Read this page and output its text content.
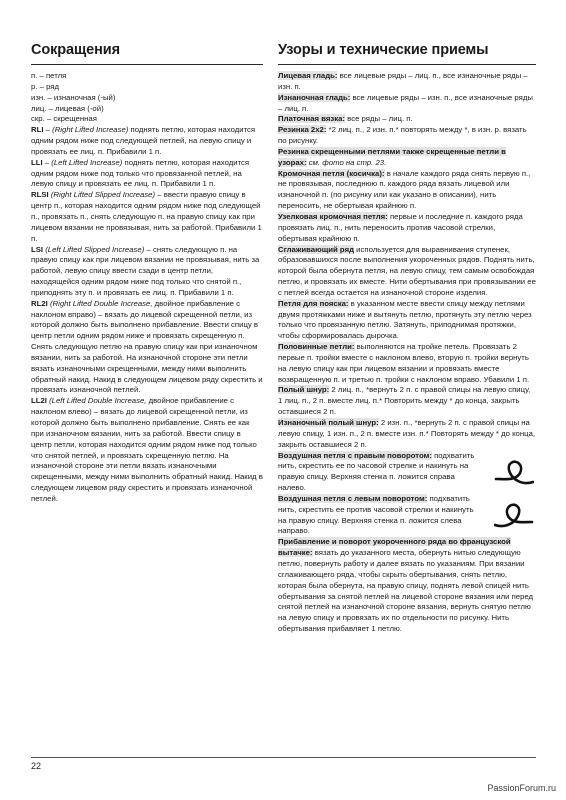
Сокращения

п. – петля

р. – ряд

изн. – изнаночная (-ый)

лиц. – лицевая (-ой)

скр. – скрещенная

RLI – (Right Lifted Increase) поднять петлю, которая находится одним рядом ниже под следующей петлей, на левую спицу и провязать ее лиц. п. Прибавили 1 п.

LLI – (Left Lifted Increase) поднять петлю, которая находится одним рядом ниже под только что провязанной петлей, на левую спицу и провязать ее лиц. п. Прибавили 1 п.

RLSI (Right Lifted Slipped Increase) – ввести правую спицу в центр п., которая находится одним рядом ниже под следующей п., провязать п., снять следующую п. на правую спицу как при лицевом вязании не провязывая, нить за работой. Прибавили 1 п.

LSI (Left Lifted Slipped Increase) – снять следующую п. на правую спицу как при лицевом вязании не провязывая, нить за работой, левую спицу ввести сзади в центр петли, находящейся одним рядом ниже под только что снятой п., приподнять эту п. и провязать ее лиц. п. Прибавили 1 п.

RL2I (Right Lifted Double Increase, двойное прибавление с наклоном вправо) – вязать до лицевой скрещенной петли, из которой должно быть выполнено прибавление. Ввести спицу в центр петли одним рядом ниже и провязать скрещенную п. Снять следующую петлю на правую спицу как при изнаночном вязании, нить за работой. На изнаночной стороне эти петли вязать изнаночными скрещенными, между ними выполнить обратный накид. Накид в следующем лицевом ряду скрестить и провязать изнаночной петлей.

LL2I (Left Lifted Double Increase, двойное прибавление с наклоном влево) – вязать до лицевой скрещенной петли, из которой должно быть выполнено прибавление. Снять ее как при изнаночном вязании, нить за работой. Ввести спицу в центр петли, которая находится одним рядом ниже под только что снятой петлей, и провязать скрещенную петлю. На изнаночной стороне эти петли вязать изнаночными скрещенными, между ними выполнить обратный накид. Накид в следующем лицевом ряду скрестить и провязать изнаночной петлей.

Узоры и технические приемы

Лицевая гладь: все лицевые ряды – лиц. п., все изнаночные ряды – изн. п.

Изнаночная гладь: все лицевые ряды – изн. п., все изнаночные ряды – лиц. п.

Платочная вязка: все ряды – лиц. п.

Резинка 2х2: *2 лиц. п., 2 изн. п.* повторять между *, в изн. р. вязать по рисунку.

Резинка скрещенными петлями также скрещенные петли в узорах: см. фото на стр. 23.

Кромочная петля (косичка): в начале каждого ряда снять первую п., не провязывая, последнюю п. каждого ряда вязать лицевой или изнаночной п. (по рисунку или как указано в описании), нить переносить, не обертывая крайнюю п.

Узелковая кромочная петля: первые и последние п. каждого ряда провязать лиц. п., нить переносить против часовой стрелки, обертывая крайнюю п.

Сглаживающий ряд используется для выравнивания ступенек, образовавшихся после выполнения укороченных рядов. Поднять нить, которой была обернута петля, на левую спицу, тем самым освобождая петлю, и провязать их вместе. Нити обертывания при провязывании ее с петлей всегда остается на изнаночной стороне изделия.

Петля для пояска: в указанном месте ввести спицу между петлями двумя протяжками ниже и вытянуть петлю, протянуть эту петлю через только что провязанную петлю. Затянуть, приподнимая протяжки, чтобы сформировалась дырочка.

Половинные петли: выполняются на тройке петель. Провязать 2 первые п. тройки вместе с наклоном влево, вторую п. тройки вернуть на левую спицу как при лицевом вязании и провязать вместе возвращенную п. и третью п. тройки с наклоном вправо. Убавили 1 п.

Полый шнур: 2 лиц. п., *вернуть 2 п. с правой спицы на левую спицу, 1 лиц. п., 2 п. вместе лиц. п.* Повторить между * до конца, закрыть оставшиеся 2 п.

Изнаночный полый шнур: 2 изн. п., *вернуть 2 п. с правой спицы на левую спицу, 1 изн. п., 2 п. вместе изн. п.* Повторять между * до конца, закрыть оставшиеся 2 п.

Воздушная петля с правым поворотом: подхватить нить, скрестить ее по часовой стрелке и накинуть на правую спицу. Верхняя стенка п. ложится справа налево.

Воздушная петля с левым поворотом: подхватить нить, скрестить ее против часовой стрелки и накинуть на правую спицу. Верхняя стенка п. ложится слева направо.

Прибавление и поворот укороченного ряда во французской вытачке: вязать до указанного места, обернуть нитью следующую петлю, повернуть работу и далее вязать по указаниям. При вязании сглаживающего ряда, чтобы скрыть обертывания, снять петлю, которая была обернута, на правую спицу, поднять левой спицей нить обертывания за снятой петлей на лицевой стороне вязания или перед снятой петлей на изнаночной стороне вязания, вернуть снятую петлю на левую спицу и провязать их по отдельности по рисунку. Нить обертывания прибавляет 1 петлю.

22
PassionForum.ru
